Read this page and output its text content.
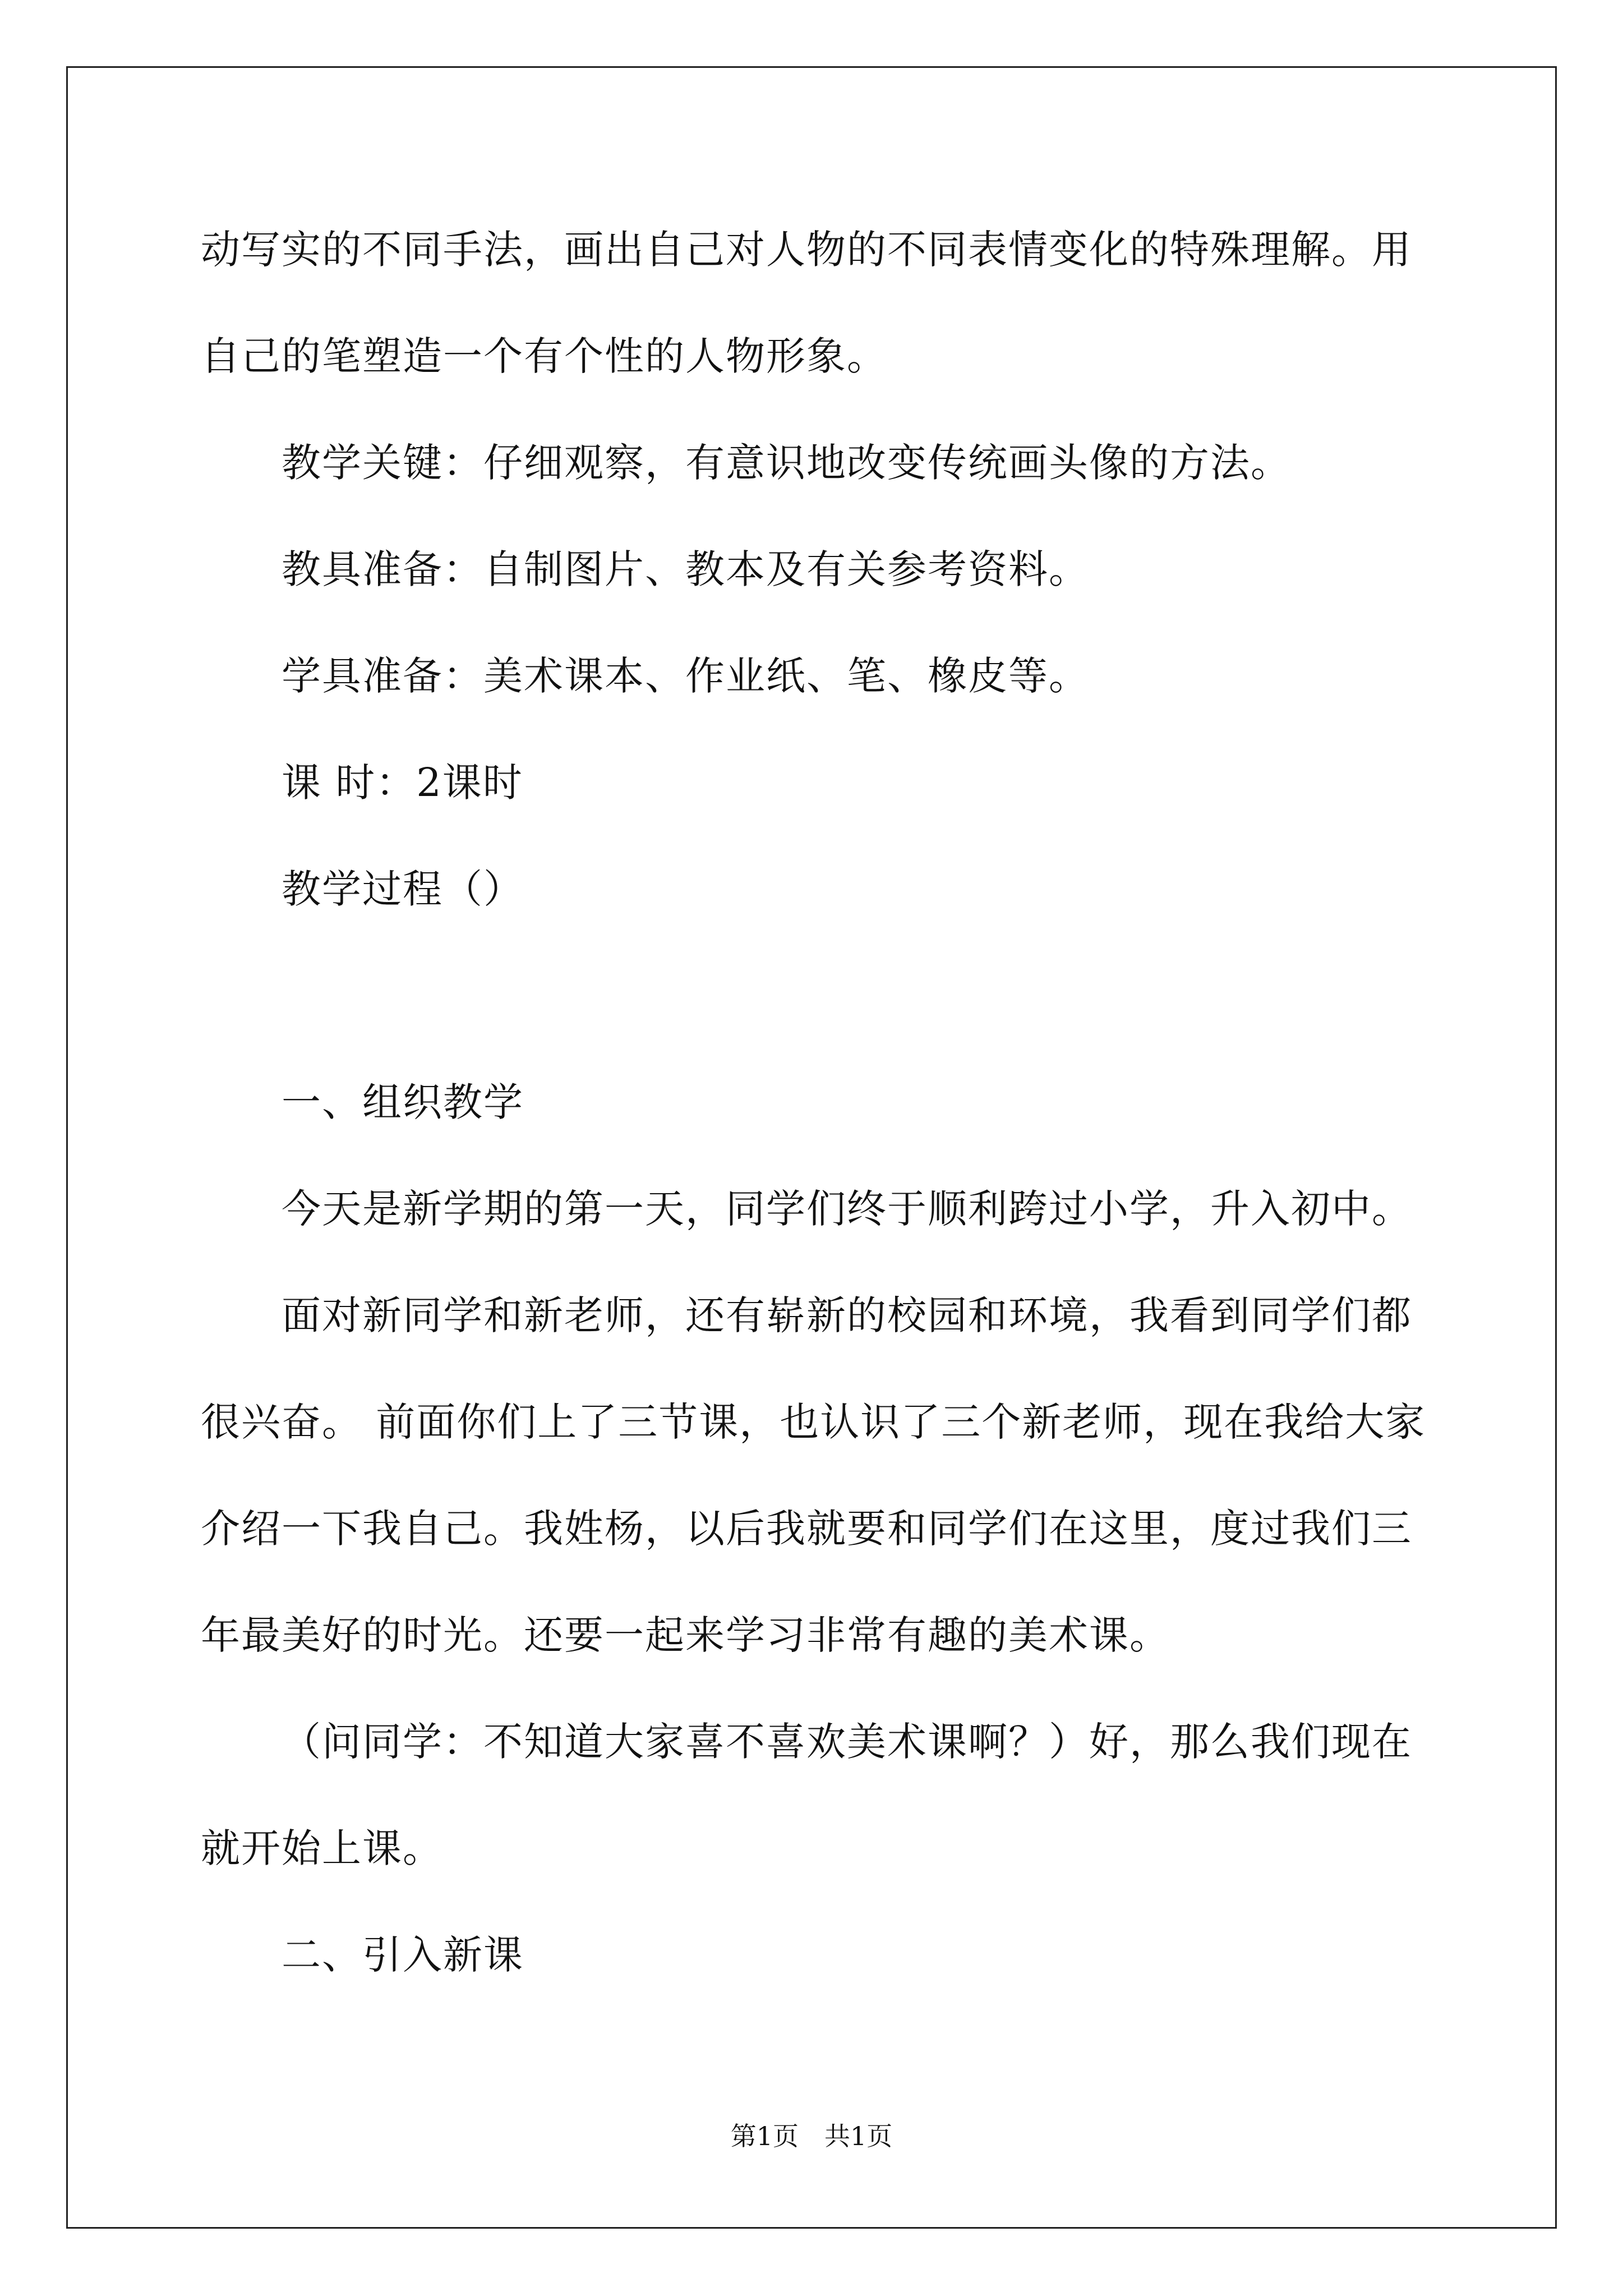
动写实的不同手法，画出自己对人物的不同表情变化的特殊理解。用
自己的笔塑造一个有个性的人物形象。
教学关键：仔细观察，有意识地改变传统画头像的方法。
教具准备：自制图片、教本及有关参考资料。
学具准备：美术课本、作业纸、笔、橡皮等。
课 时：2课时
教学过程（）
一、组织教学
今天是新学期的第一天，同学们终于顺利跨过小学，升入初中。
面对新同学和新老师，还有崭新的校园和环境，我看到同学们都
很兴奋。 前面你们上了三节课，也认识了三个新老师，现在我给大家
介绍一下我自己。我姓杨，以后我就要和同学们在这里，度过我们三
年最美好的时光。还要一起来学习非常有趣的美术课。
（问同学：不知道大家喜不喜欢美术课啊？）好，那么我们现在
就开始上课。
二、引入新课
第1页　共1页
